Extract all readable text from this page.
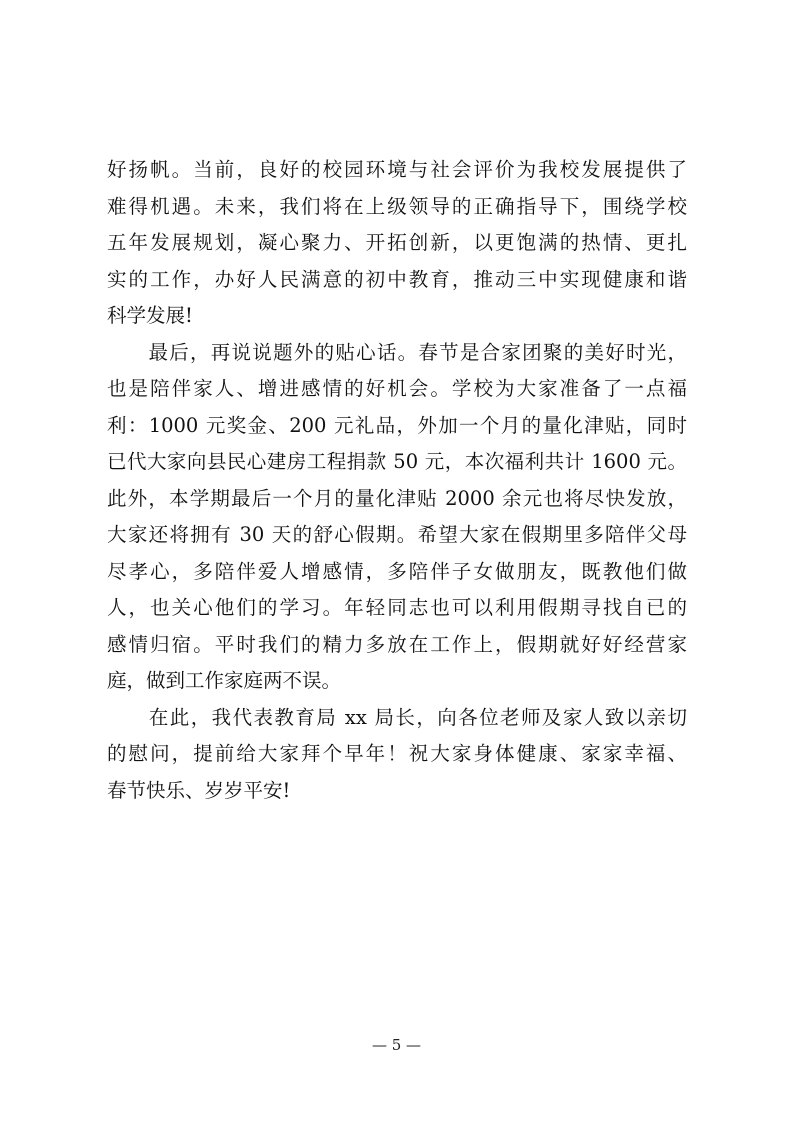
好扬帆。当前，良好的校园环境与社会评价为我校发展提供了
难得机遇。未来，我们将在上级领导的正确指导下，围绕学校
五年发展规划，凝心聚力、开拓创新，以更饱满的热情、更扎
实的工作，办好人民满意的初中教育，推动三中实现健康和谐
科学发展!
　　最后，再说说题外的贴心话。春节是合家团聚的美好时光，
也是陪伴家人、增进感情的好机会。学校为大家准备了一点福
利：1000 元奖金、200 元礼品，外加一个月的量化津贴，同时
已代大家向县民心建房工程捐款 50 元，本次福利共计 1600 元。
此外，本学期最后一个月的量化津贴 2000 余元也将尽快发放，
大家还将拥有 30 天的舒心假期。希望大家在假期里多陪伴父母
尽孝心，多陪伴爱人增感情，多陪伴子女做朋友，既教他们做
人，也关心他们的学习。年轻同志也可以利用假期寻找自已的
感情归宿。平时我们的精力多放在工作上，假期就好好经营家
庭，做到工作家庭两不误。
　　在此，我代表教育局 xx 局长，向各位老师及家人致以亲切
的慰问，提前给大家拜个早年！祝大家身体健康、家家幸福、
春节快乐、岁岁平安!
— 5 —
